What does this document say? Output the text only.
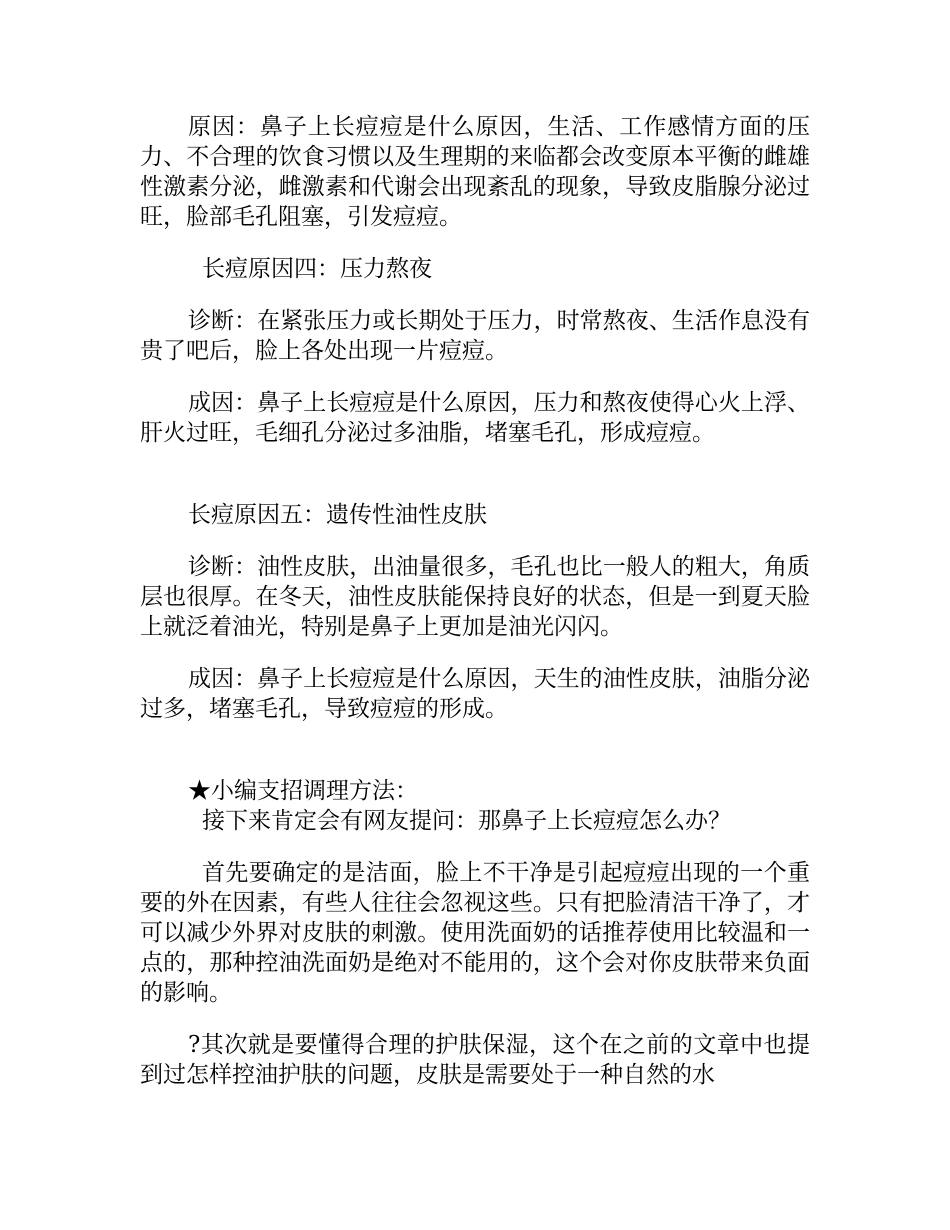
原因：鼻子上长痘痘是什么原因，生活、工作感情方面的压力、不合理的饮食习惯以及生理期的来临都会改变原本平衡的雌雄性激素分泌，雌激素和代谢会出现紊乱的现象，导致皮脂腺分泌过旺，脸部毛孔阻塞，引发痘痘。

长痘原因四：压力熬夜

诊断：在紧张压力或长期处于压力，时常熬夜、生活作息没有贵了吧后，脸上各处出现一片痘痘。

成因：鼻子上长痘痘是什么原因，压力和熬夜使得心火上浮、肝火过旺，毛细孔分泌过多油脂，堵塞毛孔，形成痘痘。

长痘原因五：遗传性油性皮肤

诊断：油性皮肤，出油量很多，毛孔也比一般人的粗大，角质层也很厚。在冬天，油性皮肤能保持良好的状态，但是一到夏天脸上就泛着油光，特别是鼻子上更加是油光闪闪。

成因：鼻子上长痘痘是什么原因，天生的油性皮肤，油脂分泌过多，堵塞毛孔，导致痘痘的形成。

★小编支招调理方法：

接下来肯定会有网友提问：那鼻子上长痘痘怎么办？

首先要确定的是洁面，脸上不干净是引起痘痘出现的一个重要的外在因素，有些人往往会忽视这些。只有把脸清洁干净了，才可以减少外界对皮肤的刺激。使用洗面奶的话推荐使用比较温和一点的，那种控油洗面奶是绝对不能用的，这个会对你皮肤带来负面的影响。

?其次就是要懂得合理的护肤保湿，这个在之前的文章中也提到过怎样控油护肤的问题，皮肤是需要处于一种自然的水
